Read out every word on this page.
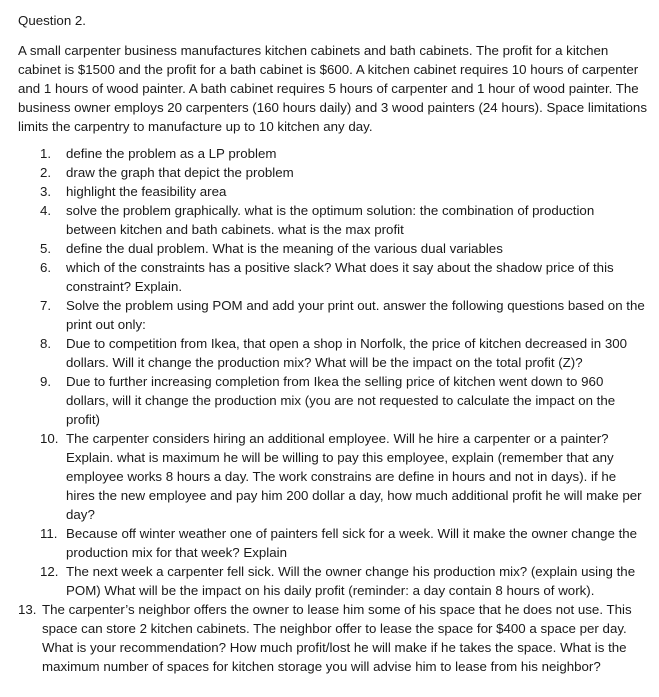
Question 2.
A small carpenter business manufactures kitchen cabinets and bath cabinets. The profit for a kitchen cabinet is $1500 and the profit for a bath cabinet is $600. A kitchen cabinet requires 10 hours of carpenter and 1 hours of wood painter. A bath cabinet requires 5 hours of carpenter and 1 hour of wood painter. The business owner employs 20 carpenters (160 hours daily) and 3 wood painters (24 hours). Space limitations limits the carpentry to manufacture up to 10 kitchen any day.
1. define the problem as a LP problem
2. draw the graph that depict the problem
3. highlight the feasibility area
4. solve the problem graphically. what is the optimum solution: the combination of production between kitchen and bath cabinets. what is the max profit
5. define the dual problem. What is the meaning of the various dual variables
6. which of the constraints has a positive slack? What does it say about the shadow price of this constraint? Explain.
7. Solve the problem using POM and add your print out. answer the following questions based on the print out only:
8. Due to competition from Ikea, that open a shop in Norfolk, the price of kitchen decreased in 300 dollars. Will it change the production mix? What will be the impact on the total profit (Z)?
9. Due to further increasing completion from Ikea the selling price of kitchen went down to 960 dollars, will it change the production mix (you are not requested to calculate the impact on the profit)
10. The carpenter considers hiring an additional employee. Will he hire a carpenter or a painter? Explain. what is maximum he will be willing to pay this employee, explain (remember that any employee works 8 hours a day. The work constrains are define in hours and not in days). if he hires the new employee and pay him 200 dollar a day, how much additional profit he will make per day?
11. Because off winter weather one of painters fell sick for a week. Will it make the owner change the production mix for that week? Explain
12. The next week a carpenter fell sick. Will the owner change his production mix? (explain using the POM) What will be the impact on his daily profit (reminder: a day contain 8 hours of work).
13. The carpenter’s neighbor offers the owner to lease him some of his space that he does not use. This space can store 2 kitchen cabinets. The neighbor offer to lease the space for $400 a space per day. What is your recommendation? How much profit/lost he will make if he takes the space. What is the maximum number of spaces for kitchen storage you will advise him to lease from his neighbor?
